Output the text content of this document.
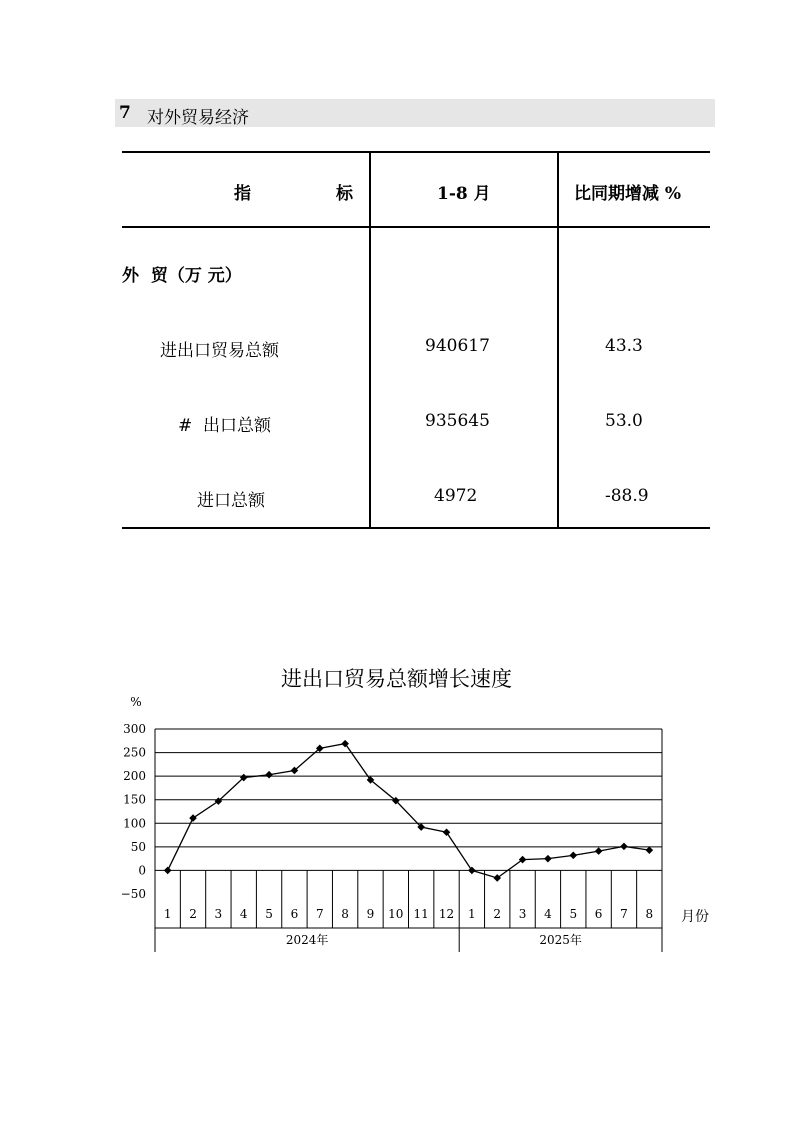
7 对外贸易经济
指　　　　　标	1-8 月	比同期增减 %
外  贸（万 元）
进出口贸易总额	940617	43.3
#  出口总额	935645	53.0
进口总额	4972	-88.9
进出口贸易总额增长速度
300
250
200
150
100
50
0
−50
%
1 2 3 4 5 6 7 8 9 10 11 12 1 2 3 4 5 6 7 8
2024年	2025年
月份
